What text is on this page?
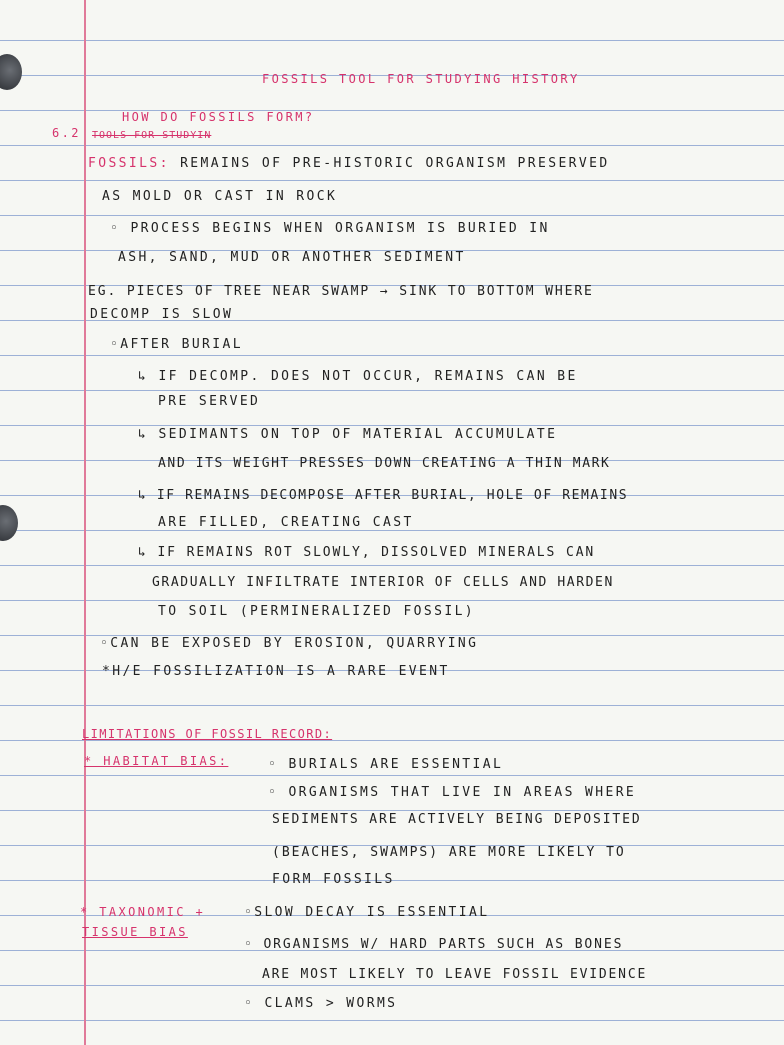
FOSSILS TOOL FOR STUDYING HISTORY
HOW DO FOSSILS FORM?
6.2 TOOLS FOR STUDYIN
FOSSILS: REMAINS OF PRE-HISTORIC ORGANISM PRESERVED
AS MOLD OR CAST IN ROCK
◦ PROCESS BEGINS WHEN ORGANISM IS BURIED IN
ASH, SAND, MUD OR ANOTHER SEDIMENT
EG. PIECES OF TREE NEAR SWAMP → SINK TO BOTTOM WHERE
DECOMP IS SLOW
◦AFTER BURIAL
↳ IF DECOMP. DOES NOT OCCUR, REMAINS CAN BE
PRE SERVED
↳ SEDIMANTS ON TOP OF MATERIAL ACCUMULATE
AND ITS WEIGHT PRESSES DOWN CREATING A THIN MARK
↳ IF REMAINS DECOMPOSE AFTER BURIAL, HOLE OF REMAINS
ARE FILLED, CREATING CAST
↳ IF REMAINS ROT SLOWLY, DISSOLVED MINERALS CAN
GRADUALLY INFILTRATE INTERIOR OF CELLS AND HARDEN
TO SOIL (PERMINERALIZED FOSSIL)
◦CAN BE EXPOSED BY EROSION, QUARRYING
*H/E FOSSILIZATION IS A RARE EVENT
LIMITATIONS OF FOSSIL RECORD:
* HABITAT BIAS:	◦ BURIALS ARE ESSENTIAL
◦ ORGANISMS THAT LIVE IN AREAS WHERE
SEDIMENTS ARE ACTIVELY BEING DEPOSITED
(BEACHES, SWAMPS) ARE MORE LIKELY TO
FORM FOSSILS
* TAXONOMIC +
TISSUE BIAS
◦SLOW DECAY IS ESSENTIAL
◦ ORGANISMS W/ HARD PARTS SUCH AS BONES
ARE MOST LIKELY TO LEAVE FOSSIL EVIDENCE
◦ CLAMS > WORMS
